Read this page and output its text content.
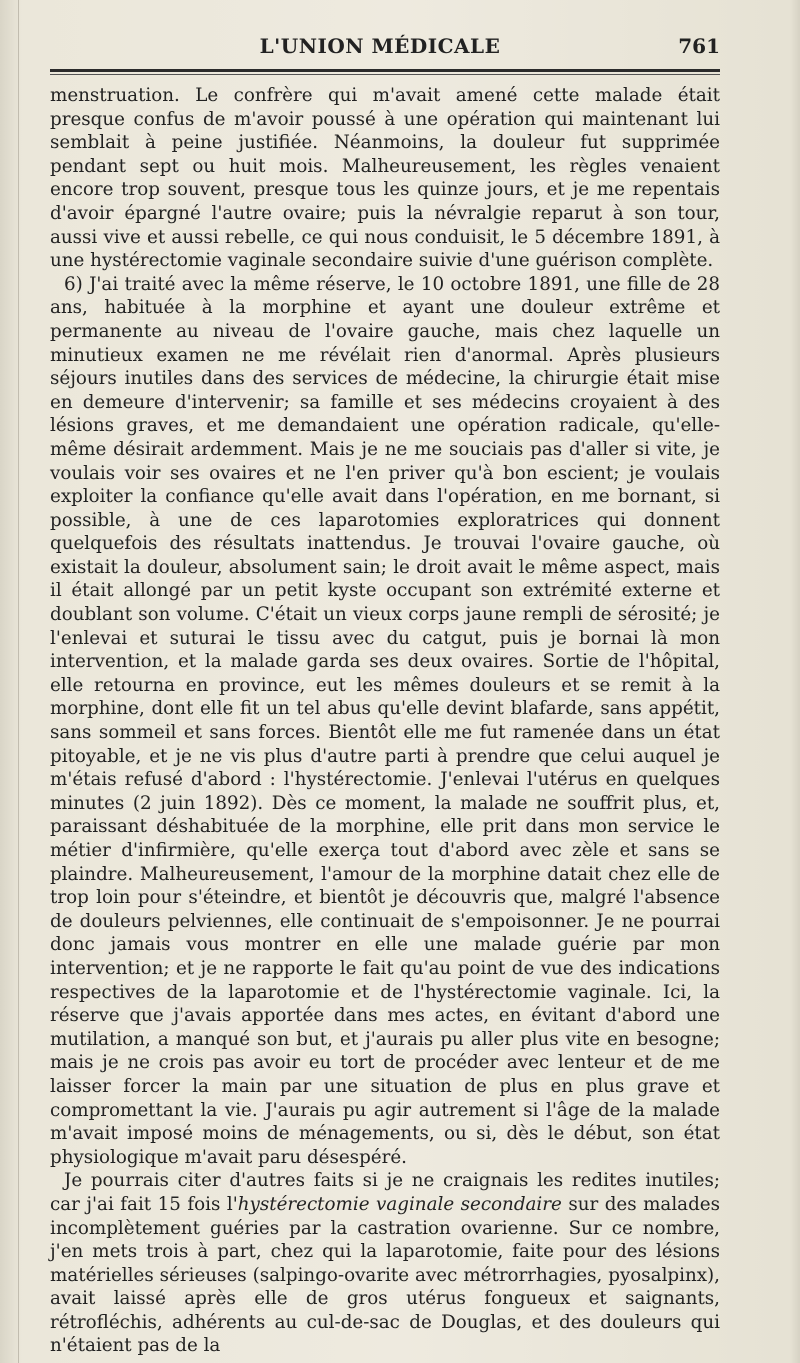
L'UNION MÉDICALE	761

menstruation. Le confrère qui m'avait amené cette malade était presque confus de m'avoir poussé à une opération qui maintenant lui semblait à peine justifiée. Néanmoins, la douleur fut supprimée pendant sept ou huit mois. Malheureusement, les règles venaient encore trop souvent, presque tous les quinze jours, et je me repentais d'avoir épargné l'autre ovaire; puis la névralgie reparut à son tour, aussi vive et aussi rebelle, ce qui nous conduisit, le 5 décembre 1891, à une hystérectomie vaginale secondaire suivie d'une guérison complète.

6) J'ai traité avec la même réserve, le 10 octobre 1891, une fille de 28 ans, habituée à la morphine et ayant une douleur extrême et permanente au niveau de l'ovaire gauche, mais chez laquelle un minutieux examen ne me révélait rien d'anormal. Après plusieurs séjours inutiles dans des services de médecine, la chirurgie était mise en demeure d'intervenir; sa famille et ses médecins croyaient à des lésions graves, et me demandaient une opération radicale, qu'elle-même désirait ardemment. Mais je ne me souciais pas d'aller si vite, je voulais voir ses ovaires et ne l'en priver qu'à bon escient; je voulais exploiter la confiance qu'elle avait dans l'opération, en me bornant, si possible, à une de ces laparotomies exploratrices qui donnent quelquefois des résultats inattendus. Je trouvai l'ovaire gauche, où existait la douleur, absolument sain; le droit avait le même aspect, mais il était allongé par un petit kyste occupant son extrémité externe et doublant son volume. C'était un vieux corps jaune rempli de sérosité; je l'enlevai et suturai le tissu avec du catgut, puis je bornai là mon intervention, et la malade garda ses deux ovaires. Sortie de l'hôpital, elle retourna en province, eut les mêmes douleurs et se remit à la morphine, dont elle fit un tel abus qu'elle devint blafarde, sans appétit, sans sommeil et sans forces. Bientôt elle me fut ramenée dans un état pitoyable, et je ne vis plus d'autre parti à prendre que celui auquel je m'étais refusé d'abord : l'hystérectomie. J'enlevai l'utérus en quelques minutes (2 juin 1892). Dès ce moment, la malade ne souffrit plus, et, paraissant déshabituée de la morphine, elle prit dans mon service le métier d'infirmière, qu'elle exerça tout d'abord avec zèle et sans se plaindre. Malheureusement, l'amour de la morphine datait chez elle de trop loin pour s'éteindre, et bientôt je découvris que, malgré l'absence de douleurs pelviennes, elle continuait de s'empoisonner. Je ne pourrai donc jamais vous montrer en elle une malade guérie par mon intervention; et je ne rapporte le fait qu'au point de vue des indications respectives de la laparotomie et de l'hystérectomie vaginale. Ici, la réserve que j'avais apportée dans mes actes, en évitant d'abord une mutilation, a manqué son but, et j'aurais pu aller plus vite en besogne; mais je ne crois pas avoir eu tort de procéder avec lenteur et de me laisser forcer la main par une situation de plus en plus grave et compromettant la vie. J'aurais pu agir autrement si l'âge de la malade m'avait imposé moins de ménagements, ou si, dès le début, son état physiologique m'avait paru désespéré.

Je pourrais citer d'autres faits si je ne craignais les redites inutiles; car j'ai fait 15 fois l'hystérectomie vaginale secondaire sur des malades incomplètement guéries par la castration ovarienne. Sur ce nombre, j'en mets trois à part, chez qui la laparotomie, faite pour des lésions matérielles sérieuses (salpingo-ovarite avec métrorrhagies, pyosalpinx), avait laissé après elle de gros utérus fongueux et saignants, rétrofléchis, adhérents au cul-de-sac de Douglas, et des douleurs qui n'étaient pas de la
